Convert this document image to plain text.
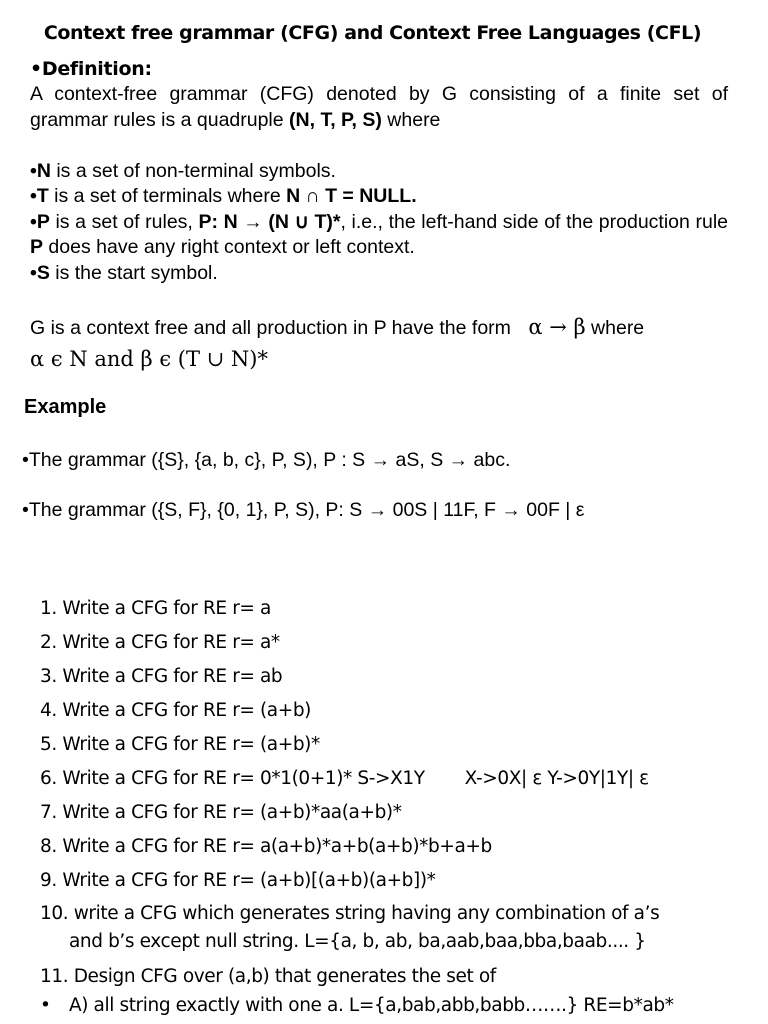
Context free grammar (CFG) and Context Free Languages (CFL)
•Definition:
A context-free grammar (CFG) denoted by G consisting of a finite set of grammar rules is a quadruple (N, T, P, S) where

•N is a set of non-terminal symbols.
•T is a set of terminals where N ∩ T = NULL.
•P is a set of rules, P: N → (N ∪ T)*, i.e., the left-hand side of the production rule P does have any right context or left context.
•S is the start symbol.
G is a context free and all production in P have the form α → β where
α ϵ N and β ϵ (T ∪ N)*
Example
•The grammar ({S}, {a, b, c}, P, S), P : S → aS, S → abc.
•The grammar ({S, F}, {0, 1}, P, S), P: S → 00S | 11F, F → 00F | ε
1. Write a CFG for RE r= a
2. Write a CFG for RE r= a*
3. Write a CFG for RE r= ab
4. Write a CFG for RE r= (a+b)
5. Write a CFG for RE r= (a+b)*
6. Write a CFG for RE r= 0*1(0+1)* S->X1Y X->0X| ε Y->0Y|1Y| ε
7. Write a CFG for RE r= (a+b)*aa(a+b)*
8. Write a CFG for RE r= a(a+b)*a+b(a+b)*b+a+b
9. Write a CFG for RE r= (a+b)[(a+b)(a+b])*
10. write a CFG which generates string having any combination of a’s
and b’s except null string. L={a, b, ab, ba,aab,baa,bba,baab.... }
11. Design CFG over (a,b) that generates the set of
• A) all string exactly with one a. L={a,bab,abb,babb…….} RE=b*ab*
